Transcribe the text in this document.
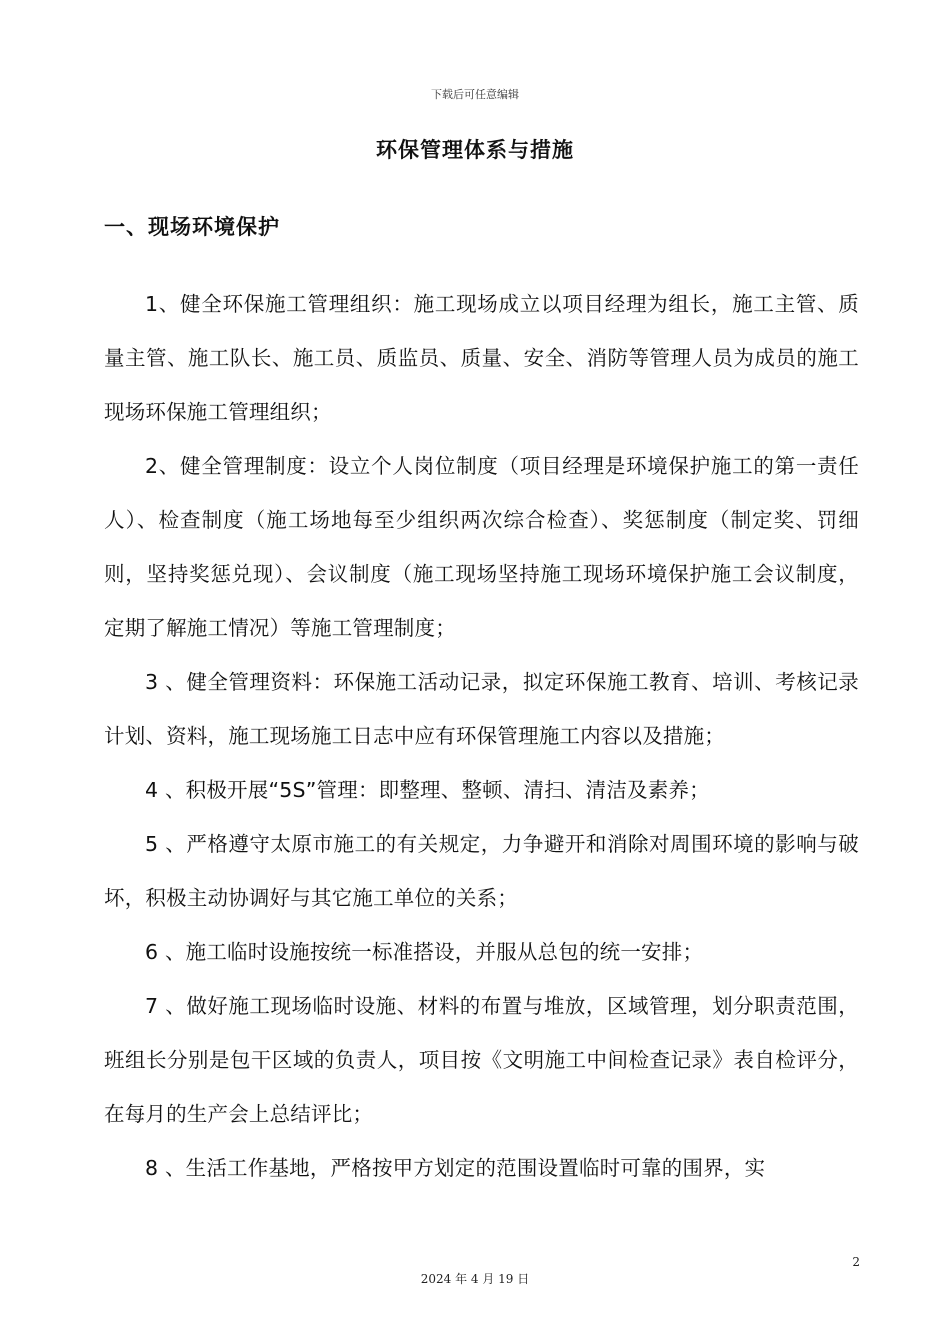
下载后可任意编辑
环保管理体系与措施
一、现场环境保护

1、健全环保施工管理组织：施工现场成立以项目经理为组长，施工主管、质量主管、施工队长、施工员、质监员、质量、安全、消防等管理人员为成员的施工现场环保施工管理组织；

2、健全管理制度：设立个人岗位制度（项目经理是环境保护施工的第一责任人）、检查制度（施工场地每至少组织两次综合检查）、奖惩制度（制定奖、罚细则，坚持奖惩兑现）、会议制度（施工现场坚持施工现场环境保护施工会议制度，定期了解施工情况）等施工管理制度；

3 、健全管理资料：环保施工活动记录，拟定环保施工教育、培训、考核记录计划、资料，施工现场施工日志中应有环保管理施工内容以及措施；

4 、积极开展“5S”管理：即整理、整顿、清扫、清洁及素养；

5 、严格遵守太原市施工的有关规定，力争避开和消除对周围环境的影响与破坏，积极主动协调好与其它施工单位的关系；

6 、施工临时设施按统一标准搭设，并服从总包的统一安排；

7 、做好施工现场临时设施、材料的布置与堆放，区域管理，划分职责范围，班组长分别是包干区域的负责人，项目按《文明施工中间检查记录》表自检评分，在每月的生产会上总结评比；

8 、生活工作基地，严格按甲方划定的范围设置临时可靠的围界，实

2
2024 年 4 月 19 日
